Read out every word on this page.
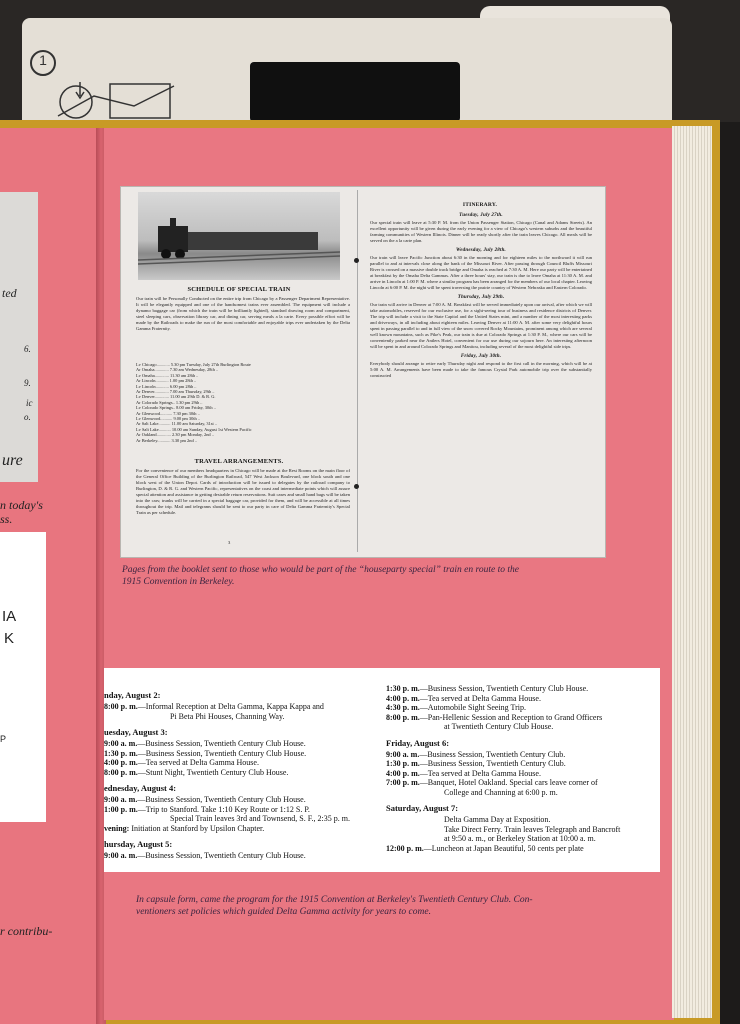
1
ted
6.
9.
ic
o.
ure
n today's
ss.
IA
K
P
r contribu-
SCHEDULE OF SPECIAL TRAIN
Our train will be Personally Conducted on the entire trip from Chicago by a Passenger Department Representative. It will be elegantly equipped and one of the handsomest trains ever assembled. The equipment will include a dynamo baggage car (from which the train will be brilliantly lighted), standard drawing room and compartment, steel sleeping cars, observation library car, and dining car, serving meals a la carte. Every possible effort will be made by the Railroads to make the run of the most comfortable and enjoyable trips ever undertaken by the Delta Gamma Fraternity.
Lv Chicago............ 5.30 pm Tuesday, July 27th Burlington Route
Ar Omaha............. 7.30 am Wednesday, 28th ..
Lv Omaha............. 11.30 am 28th ..
Ar Lincoln............ 1.00 pm 28th ..
Lv Lincoln............ 6.00 pm 28th ..
Ar Denver............. 7.00 am Thursday, 29th ..
Lv Denver............. 11.00 am 29th D. & R. G.
Ar Colorado Springs.. 1.30 pm 29th ..
Lv Colorado Springs.. 8.00 am Friday, 30th ..
Ar Glenwood........... 7.30 pm 30th ..
Lv Glenwood........... 9.00 pm 30th ..
Ar Salt Lake........... 11.00 am Saturday, 31st ..
Lv Salt Lake........... 10.00 am Sunday, August 1st Western Pacific
Ar Oakland............. 2.30 pm Monday, 2nd ..
Ar Berkeley............ 3.30 pm 2nd ..
TRAVEL ARRANGEMENTS.
For the convenience of our members headquarters in Chicago will be made at the Rest Rooms on the main floor of the General Office Building of the Burlington Railroad, 547 West Jackson Boulevard, one block south and one block west of the Union Depot. Cards of introduction will be issued to delegates by the railroad company to Burlington, D. & R. G. and Western Pacific, representatives on the coast and intermediate points which will assure special attention and assistance in getting desirable return reservations. Suit cases and small hand bags will be taken into the cars; trunks will be carried in a special baggage car, provided for them, and will be accessible at all times throughout the trip. Mail and telegrams should be sent to our party in care of Delta Gamma Fraternity's Special Train as per schedule.
3
ITINERARY.
Tuesday, July 27th.
Our special train will leave at 5:30 P. M. from the Union Passenger Station, Chicago (Canal and Adams Streets). An excellent opportunity will be given during the early evening for a view of Chicago's western suburbs and the beautiful farming communities of Western Illinois. Dinner will be ready shortly after the train leaves Chicago. All meals will be served on the a la carte plan.
Wednesday, July 28th.
Our train will leave Pacific Junction about 6:30 in the morning and for eighteen miles to the northward it will run parallel to and at intervals close along the bank of the Missouri River. After passing through Council Bluffs Missouri River is crossed on a massive double track bridge and Omaha is reached at 7:30 A. M. Here our party will be entertained at breakfast by the Omaha Delta Gammas. After a three hours' stay, our train is due to leave Omaha at 11:30 A. M. and arrive in Lincoln at 1:00 P. M. where a similar program has been arranged for the members of our local chapter. Leaving Lincoln at 6:00 P. M. the night will be spent traversing the prairie country of Western Nebraska and Eastern Colorado.
Thursday, July 29th.
Our train will arrive in Denver at 7:00 A. M. Breakfast will be served immediately upon our arrival, after which we will take automobiles, reserved for our exclusive use, for a sight-seeing tour of business and residence districts of Denver. The trip will include a visit to the State Capitol and the United States mint, and a number of the most interesting parks and driveways, in all including about eighteen miles. Leaving Denver at 11:00 A. M. after some very delightful hours spent in passing parallel to and in full view of the snow covered Rocky Mountains, prominent among which are several well known mountains, such as Pike's Peak, our train is due at Colorado Springs at 1:30 P. M., where our cars will be conveniently parked near the Antlers Hotel, convenient for our use during our sojourn here. An interesting afternoon will be spent in and around Colorado Springs and Manitou, including several of the most delightful side trips.
Friday, July 30th.
Everybody should arrange to retire early Thursday night and respond to the first call in the morning, which will be at 5:00 A. M. Arrangements have been made to take the famous Crystal Park automobile trip over the substantially constructed
Pages from the booklet sent to those who would be part of the “houseparty special” train en route to the
1915 Convention in Berkeley.
nday, August 2:
8:00 p. m.—Informal Reception at Delta Gamma, Kappa Kappa and
Pi Beta Phi Houses, Channing Way.
uesday, August 3:
9:00 a. m.—Business Session, Twentieth Century Club House.
1:30 p. m.—Business Session, Twentieth Century Club House.
4:00 p. m.—Tea served at Delta Gamma House.
8:00 p. m.—Stunt Night, Twentieth Century Club House.
ednesday, August 4:
9:00 a. m.—Business Session, Twentieth Century Club House.
1:00 p. m.—Trip to Stanford. Take 1:10 Key Route or 1:12 S. P.
Special Train leaves 3rd and Townsend, S. F., 2:35 p. m.
vening: Initiation at Stanford by Upsilon Chapter.
hursday, August 5:
9:00 a. m.—Business Session, Twentieth Century Club House.
1:30 p. m.—Business Session, Twentieth Century Club House.
4:00 p. m.—Tea served at Delta Gamma House.
4:30 p. m.—Automobile Sight Seeing Trip.
8:00 p. m.—Pan-Hellenic Session and Reception to Grand Officers
at Twentieth Century Club House.
Friday, August 6:
9:00 a. m.—Business Session, Twentieth Century Club.
1:30 p. m.—Business Session, Twentieth Century Club.
4:00 p. m.—Tea served at Delta Gamma House.
7:00 p. m.—Banquet, Hotel Oakland. Special cars leave corner of
College and Channing at 6:00 p. m.
Saturday, August 7:
Delta Gamma Day at Exposition.
Take Direct Ferry. Train leaves Telegraph and Bancroft
at 9:50 a. m., or Berkeley Station at 10:00 a. m.
12:00 p. m.—Luncheon at Japan Beautiful, 50 cents per plate
In capsule form, came the program for the 1915 Convention at Berkeley's Twentieth Century Club. Con-
ventioners set policies which guided Delta Gamma activity for years to come.
